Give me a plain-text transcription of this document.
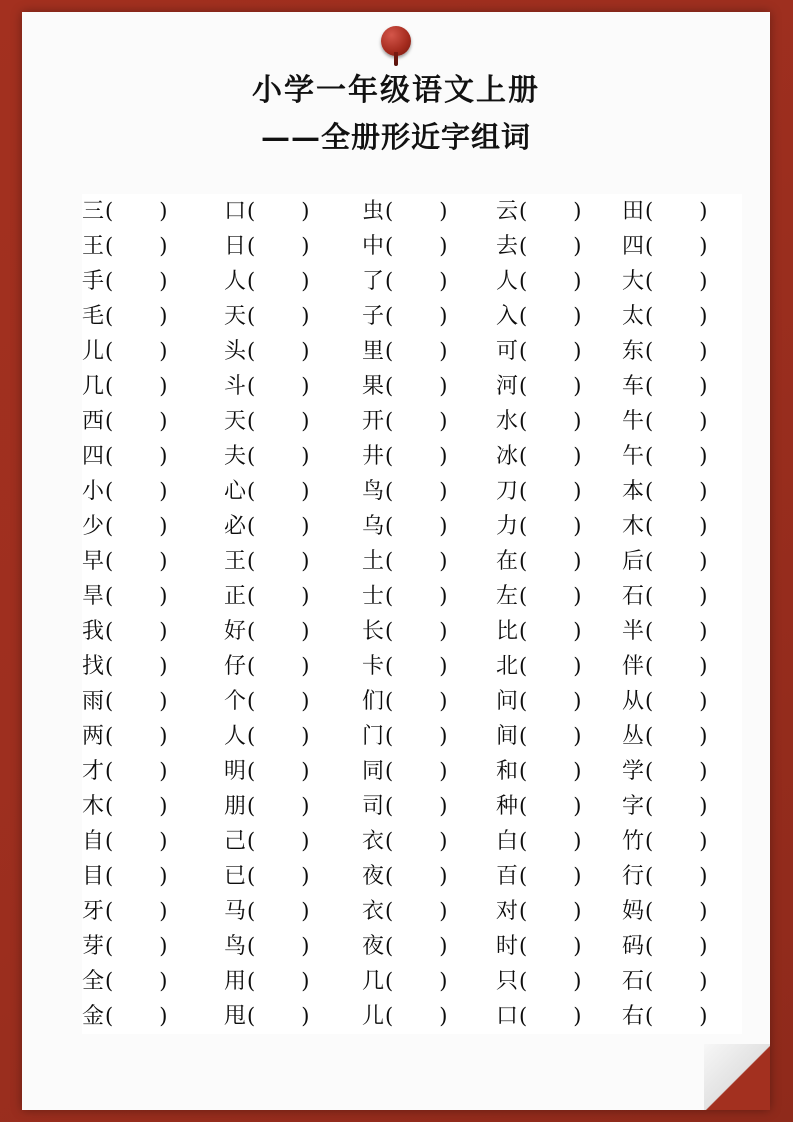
小学一年级语文上册
——全册形近字组词
三 ( )	口 ( )	虫 ( )	云 ( )	田 ( )

王 ( )	日 ( )	中 ( )	去 ( )	四 ( )

手 ( )	人 ( )	了 ( )	人 ( )	大 ( )

毛 ( )	天 ( )	子 ( )	入 ( )	太 ( )

儿 ( )	头 ( )	里 ( )	可 ( )	东 ( )

几 ( )	斗 ( )	果 ( )	河 ( )	车 ( )

西 ( )	天 ( )	开 ( )	水 ( )	牛 ( )

四 ( )	夫 ( )	井 ( )	冰 ( )	午 ( )

小 ( )	心 ( )	鸟 ( )	刀 ( )	本 ( )

少 ( )	必 ( )	乌 ( )	力 ( )	木 ( )

早 ( )	王 ( )	土 ( )	在 ( )	后 ( )

旱 ( )	正 ( )	士 ( )	左 ( )	石 ( )

我 ( )	好 ( )	长 ( )	比 ( )	半 ( )

找 ( )	仔 ( )	卡 ( )	北 ( )	伴 ( )

雨 ( )	个 ( )	们 ( )	问 ( )	从 ( )

两 ( )	人 ( )	门 ( )	间 ( )	丛 ( )

才 ( )	明 ( )	同 ( )	和 ( )	学 ( )

木 ( )	朋 ( )	司 ( )	种 ( )	字 ( )

自 ( )	己 ( )	衣 ( )	白 ( )	竹 ( )

目 ( )	已 ( )	夜 ( )	百 ( )	行 ( )

牙 ( )	马 ( )	衣 ( )	对 ( )	妈 ( )

芽 ( )	鸟 ( )	夜 ( )	时 ( )	码 ( )

全 ( )	用 ( )	几 ( )	只 ( )	石 ( )

金 ( )	甩 ( )	儿 ( )	口 ( )	右 ( )
